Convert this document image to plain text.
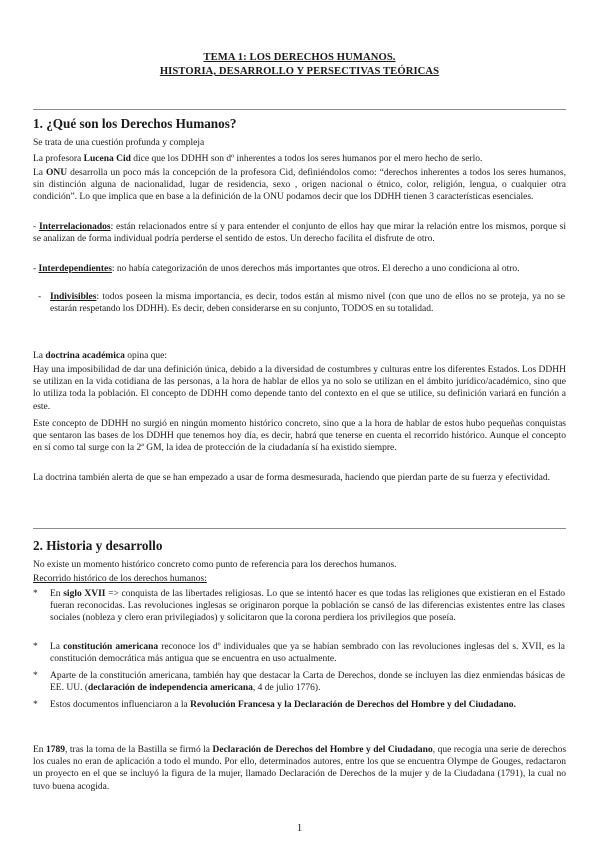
TEMA 1: LOS DERECHOS HUMANOS.
HISTORIA, DESARROLLO Y PERSECTIVAS TEÓRICAS
1. ¿Qué son los Derechos Humanos?
Se trata de una cuestión profunda y compleja
La profesora Lucena Cid dice que los DDHH son dº inherentes a todos los seres humanos por el mero hecho de serlo.
La ONU desarrolla un poco más la concepción de la profesora Cid, definiéndolos como: “derechos inherentes a todos los seres humanos, sin distinción alguna de nacionalidad, lugar de residencia, sexo , origen nacional o étnico, color, religión, lengua, o cualquier otra condición”. Lo que implica que en base a la definición de la ONU podamos decir que los DDHH tienen 3 características esenciales.
- Interrelacionados: están relacionados entre sí y para entender el conjunto de ellos hay que mirar la relación entre los mismos, porque si se analizan de forma individual podría perderse el sentido de estos. Un derecho facilita el disfrute de otro.
- Interdependientes: no había categorización de unos derechos más importantes que otros. El derecho a uno condiciona al otro.
- Indivisibles: todos poseen la misma importancia, es decir, todos están al mismo nivel (con que uno de ellos no se proteja, ya no se estarán respetando los DDHH). Es decir, deben considerarse en su conjunto, TODOS en su totalidad.
La doctrina académica opina que:
Hay una imposibilidad de dar una definición única, debido a la diversidad de costumbres y culturas entre los diferentes Estados. Los DDHH se utilizan en la vida cotidiana de las personas, a la hora de hablar de ellos ya no solo se utilizan en el ámbito jurídico/académico, sino que lo utiliza toda la población. El concepto de DDHH como depende tanto del contexto en el que se utilice, su definición variará en función a este.
Este concepto de DDHH no surgió en ningún momento histórico concreto, sino que a la hora de hablar de estos hubo pequeñas conquistas que sentaron las bases de los DDHH que tenemos hoy día, es decir, habrá que tenerse en cuenta el recorrido histórico. Aunque el concepto en sí como tal surge con la 2ª GM, la idea de protección de la ciudadanía sí ha existido siempre.
La doctrina también alerta de que se han empezado a usar de forma desmesurada, haciendo que pierdan parte de su fuerza y efectividad.
2. Historia y desarrollo
No existe un momento histórico concreto como punto de referencia para los derechos humanos.
Recorrido histórico de los derechos humanos:
* En siglo XVII => conquista de las libertades religiosas. Lo que se intentó hacer es que todas las religiones que existieran en el Estado fueran reconocidas. Las revoluciones inglesas se originaron porque la población se cansó de las diferencias existentes entre las clases sociales (nobleza y clero eran privilegiados) y solicitaron que la corona perdiera los privilegios que poseía.
* La constitución americana reconoce los dº individuales que ya se habían sembrado con las revoluciones inglesas del s. XVII, es la constitución democrática más antigua que se encuentra en uso actualmente.
* Aparte de la constitución americana, también hay que destacar la Carta de Derechos, donde se incluyen las diez enmiendas básicas de EE. UU. (declaración de independencia americana, 4 de julio 1776).
* Estos documentos influenciaron a la Revolución Francesa y la Declaración de Derechos del Hombre y del Ciudadano.
En 1789, tras la toma de la Bastilla se firmó la Declaración de Derechos del Hombre y del Ciudadano, que recogía una serie de derechos los cuales no eran de aplicación a todo el mundo. Por ello, determinados autores, entre los que se encuentra Olympe de Gouges, redactaron un proyecto en el que se incluyó la figura de la mujer, llamado Declaración de Derechos de la mujer y de la Ciudadana (1791), la cual no tuvo buena acogida.
1
